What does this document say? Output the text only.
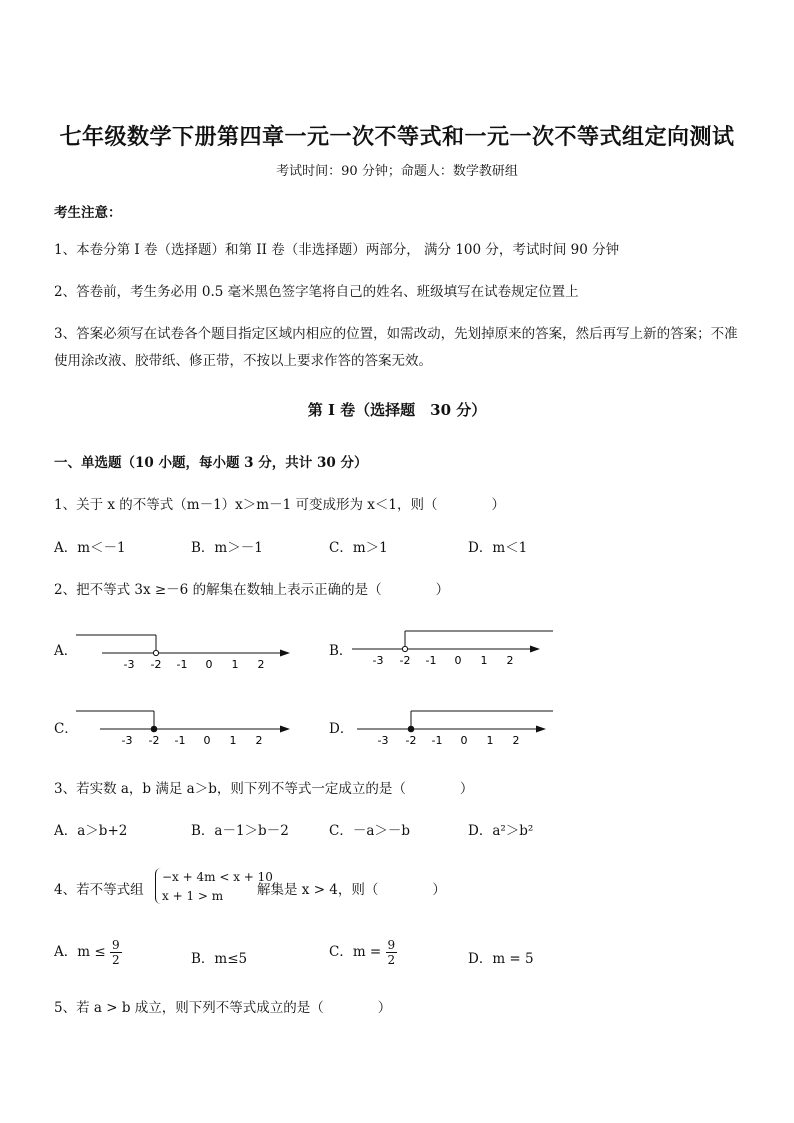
七年级数学下册第四章一元一次不等式和一元一次不等式组定向测试
考试时间：90 分钟；命题人：数学教研组
考生注意：
1、本卷分第 I 卷（选择题）和第 II 卷（非选择题）两部分， 满分 100 分，考试时间 90 分钟
2、答卷前，考生务必用 0.5 毫米黑色签字笔将自己的姓名、班级填写在试卷规定位置上
3、答案必须写在试卷各个题目指定区域内相应的位置，如需改动，先划掉原来的答案，然后再写上新的答案；不准使用涂改液、胶带纸、修正带，不按以上要求作答的答案无效。
第 I 卷（选择题　30 分）
一、单选题（10 小题，每小题 3 分，共计 30 分）
1、关于 x 的不等式（m－1）x＞m－1 可变成形为 x＜1，则（　　　　）
A．m＜－1	B．m＞－1	C．m＞1	D．m＜1
2、把不等式 3x ≥－6 的解集在数轴上表示正确的是（　　　　）
A．
-3 -2 -1 0 1 2
B．
-3 -2 -1 0 1 2
C．
-3 -2 -1 0 1 2
D．
-3 -2 -1 0 1 2
3、若实数 a，b 满足 a＞b，则下列不等式一定成立的是（　　　　）
A．a＞b+2	B．a－1＞b－2	C．－a＞－b	D．a²＞b²
4、若不等式组
−x + 4m < x + 10
x + 1 > m	解集是 x > 4，则（　　　　）
A．$m \le \frac{9}{2}$	B．m≤5	C．$m = \frac{9}{2}$	D．m = 5
5、若 a > b 成立，则下列不等式成立的是（　　　　）
